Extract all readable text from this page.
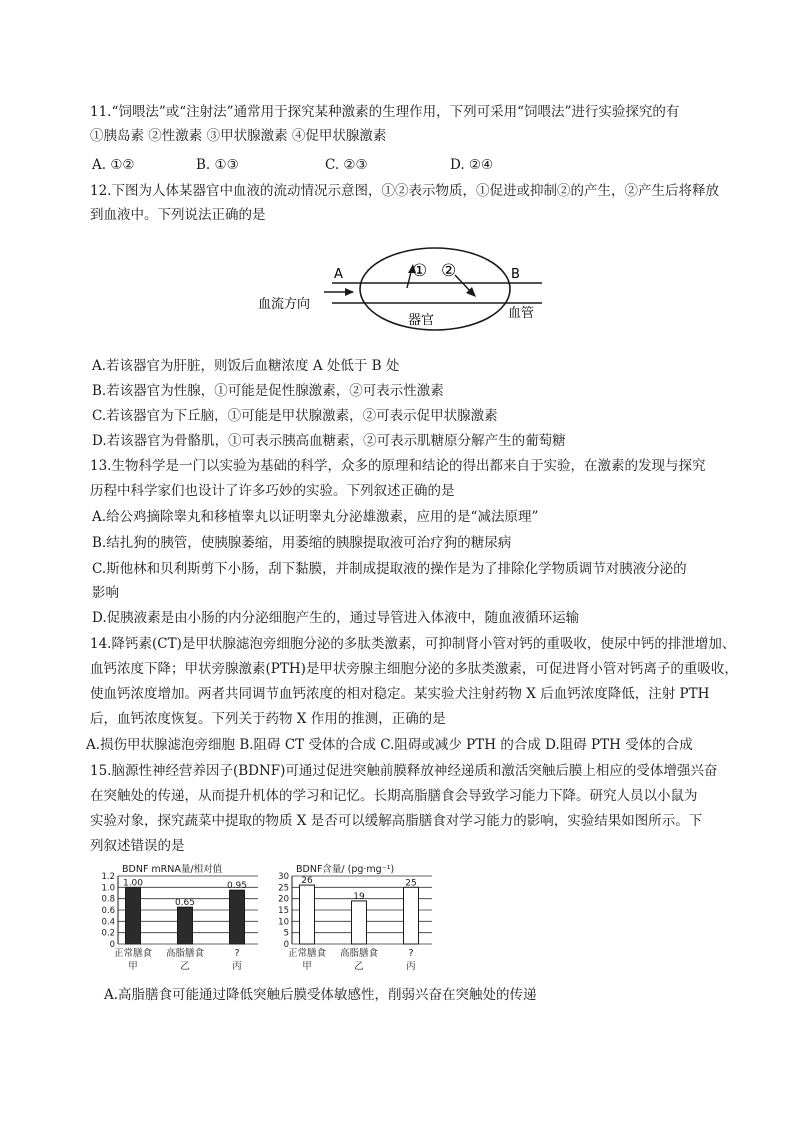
11.“饲喂法”或“注射法”通常用于探究某种激素的生理作用，下列可采用“饲喂法”进行实验探究的有
①胰岛素 ②性激素 ③甲状腺激素 ④促甲状腺激素
A. ①②	B. ①③	C. ②③	D. ②④
12.下图为人体某器官中血液的流动情况示意图，①②表示物质，①促进或抑制②的产生，②产生后将释放
到血液中。下列说法正确的是
A	B
① ②
血流方向
器官	血管
A.若该器官为肝脏，则饭后血糖浓度 A 处低于 B 处
B.若该器官为性腺，①可能是促性腺激素，②可表示性激素
C.若该器官为下丘脑，①可能是甲状腺激素，②可表示促甲状腺激素
D.若该器官为骨骼肌，①可表示胰高血糖素，②可表示肌糖原分解产生的葡萄糖
13.生物科学是一门以实验为基础的科学，众多的原理和结论的得出都来自于实验，在激素的发现与探究
历程中科学家们也设计了许多巧妙的实验。下列叙述正确的是
A.给公鸡摘除睾丸和移植睾丸以证明睾丸分泌雄激素，应用的是“减法原理”
B.结扎狗的胰管，使胰腺萎缩，用萎缩的胰腺提取液可治疗狗的糖尿病
C.斯他林和贝利斯剪下小肠，刮下黏膜，并制成提取液的操作是为了排除化学物质调节对胰液分泌的
影响
D.促胰液素是由小肠的内分泌细胞产生的，通过导管进入体液中，随血液循环运输
14.降钙素(CT)是甲状腺滤泡旁细胞分泌的多肽类激素，可抑制肾小管对钙的重吸收，使尿中钙的排泄增加、
血钙浓度下降；甲状旁腺激素(PTH)是甲状旁腺主细胞分泌的多肽类激素，可促进肾小管对钙离子的重吸收，
使血钙浓度增加。两者共同调节血钙浓度的相对稳定。某实验犬注射药物 X 后血钙浓度降低，注射 PTH
后，血钙浓度恢复。下列关于药物 X 作用的推测，正确的是
A.损伤甲状腺滤泡旁细胞 B.阻碍 CT 受体的合成 C.阻碍或减少 PTH 的合成 D.阻碍 PTH 受体的合成
15.脑源性神经营养因子(BDNF)可通过促进突触前膜释放神经递质和激活突触后膜上相应的受体增强兴奋
在突触处的传递，从而提升机体的学习和记忆。长期高脂膳食会导致学习能力下降。研究人员以小鼠为
实验对象，探究蔬菜中提取的物质 X 是否可以缓解高脂膳食对学习能力的影响，实验结果如图所示。下
列叙述错误的是
BDNF mRNA量/相对值
0
0.2
0.4
0.6
0.8
1.0
1.2
1.00
正常膳食
甲
0.65
高脂膳食
乙
0.95
?
丙
BDNF含量/ (pg·mg⁻¹)
0
5
10
15
20
25
30 26
正常膳食
甲
19
高脂膳食
乙
25
?
丙
A.高脂膳食可能通过降低突触后膜受体敏感性，削弱兴奋在突触处的传递
